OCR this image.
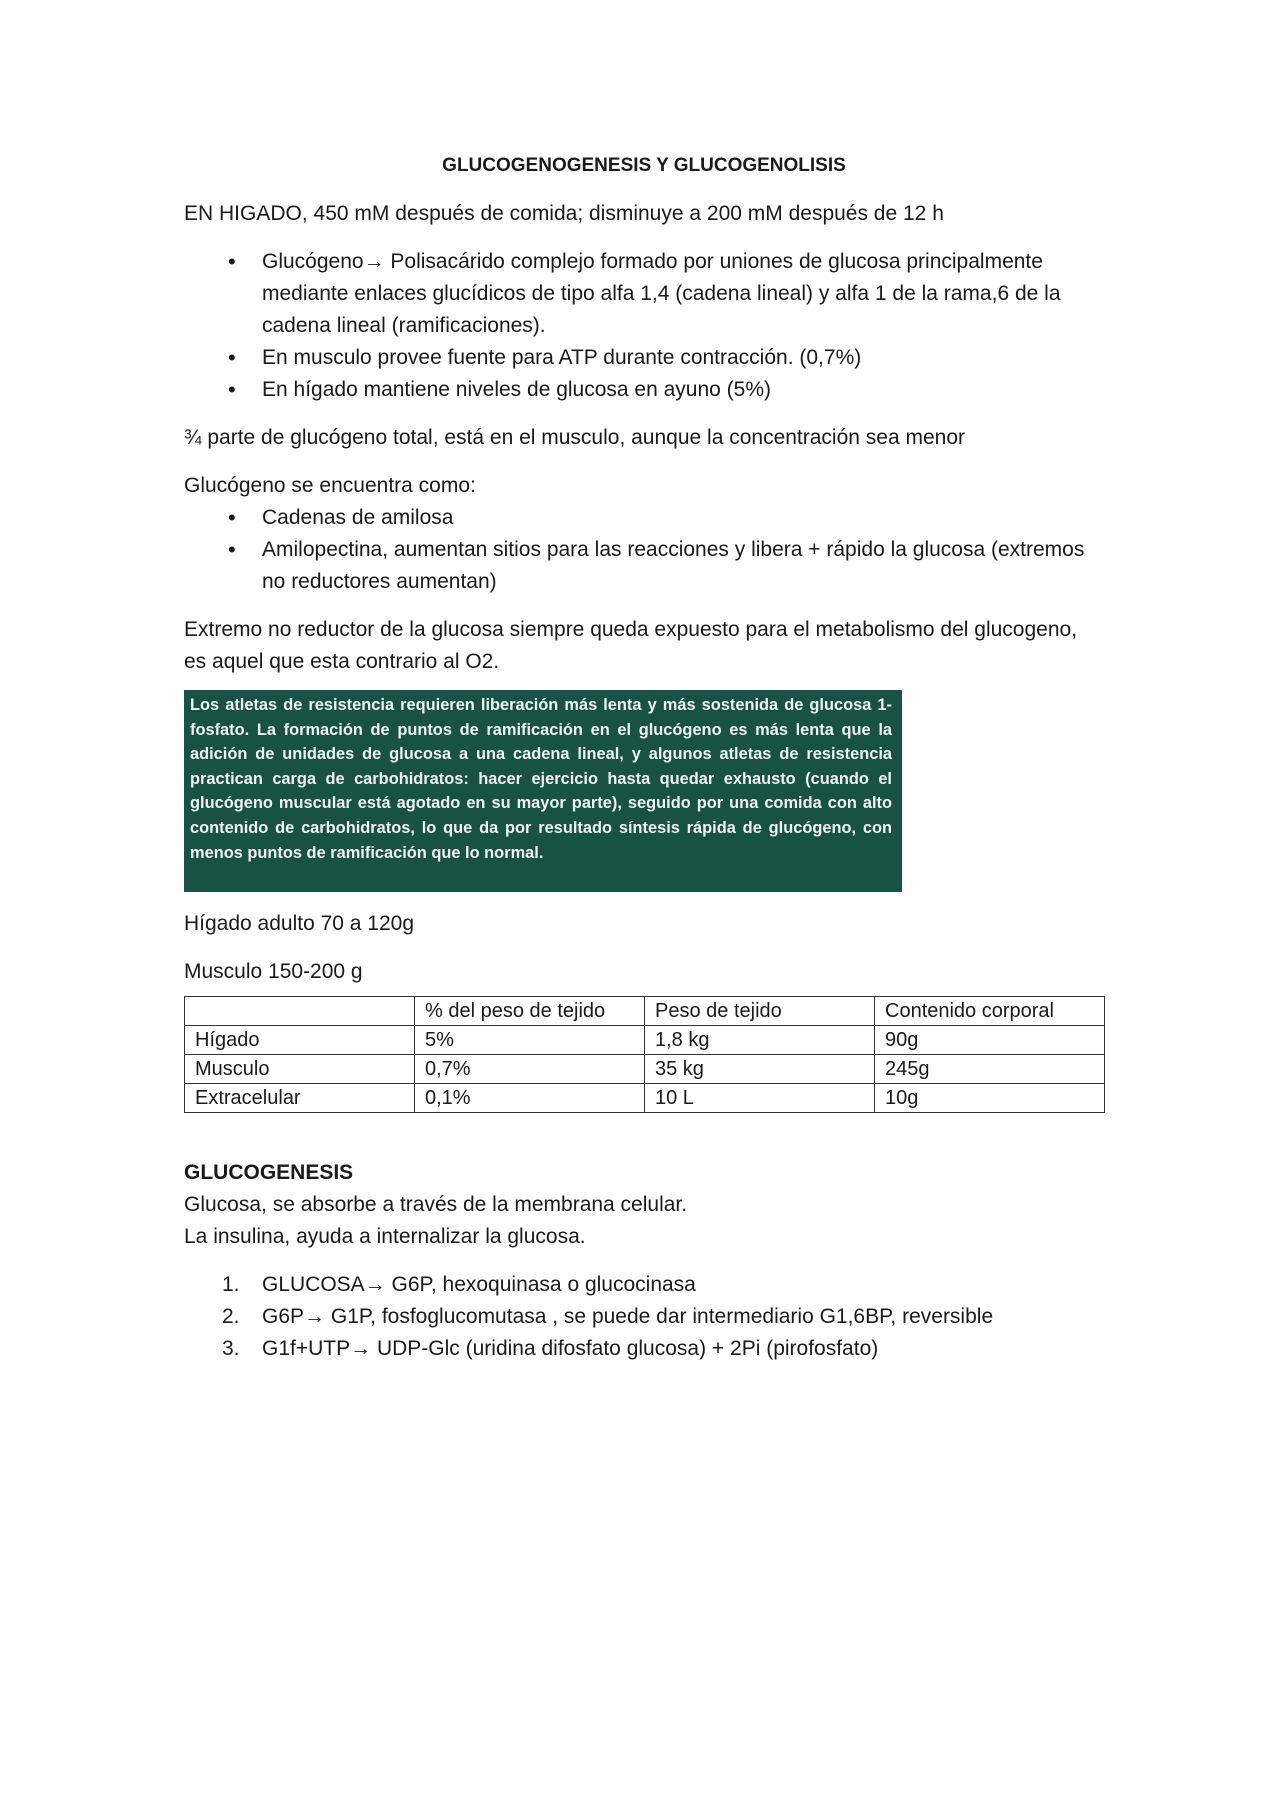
GLUCOGENOGENESIS Y GLUCOGENOLISIS

EN HIGADO, 450 mM después de comida; disminuye a 200 mM después de 12 h

• Glucógeno→ Polisacárido complejo formado por uniones de glucosa principalmente mediante enlaces glucídicos de tipo alfa 1,4 (cadena lineal) y alfa 1 de la rama,6 de la cadena lineal (ramificaciones).
• En musculo provee fuente para ATP durante contracción. (0,7%)
• En hígado mantiene niveles de glucosa en ayuno (5%)

¾ parte de glucógeno total, está en el musculo, aunque la concentración sea menor

Glucógeno se encuentra como:

• Cadenas de amilosa
• Amilopectina, aumentan sitios para las reacciones y libera + rápido la glucosa (extremos no reductores aumentan)

Extremo no reductor de la glucosa siempre queda expuesto para el metabolismo del glucogeno, es aquel que esta contrario al O2.

Los atletas de resistencia requieren liberación más lenta y más sostenida de glucosa 1-fosfato. La formación de puntos de ramificación en el glucógeno es más lenta que la adición de unidades de glucosa a una cadena lineal, y algunos atletas de resistencia practican carga de carbohidratos: hacer ejercicio hasta quedar exhausto (cuando el glucógeno muscular está agotado en su mayor parte), seguido por una comida con alto contenido de carbohidratos, lo que da por resultado síntesis rápida de glucógeno, con menos puntos de ramificación que lo normal.

Hígado adulto 70 a 120g

Musculo 150-200 g

	% del peso de tejido	Peso de tejido	Contenido corporal
Hígado	5%	1,8 kg	90g
Musculo	0,7%	35 kg	245g
Extracelular	0,1%	10 L	10g

GLUCOGENESIS

Glucosa, se absorbe a través de la membrana celular.

La insulina, ayuda a internalizar la glucosa.

1. GLUCOSA→ G6P, hexoquinasa o glucocinasa
2. G6P→ G1P, fosfoglucomutasa , se puede dar intermediario G1,6BP, reversible
3. G1f+UTP→ UDP-Glc (uridina difosfato glucosa) + 2Pi (pirofosfato)
